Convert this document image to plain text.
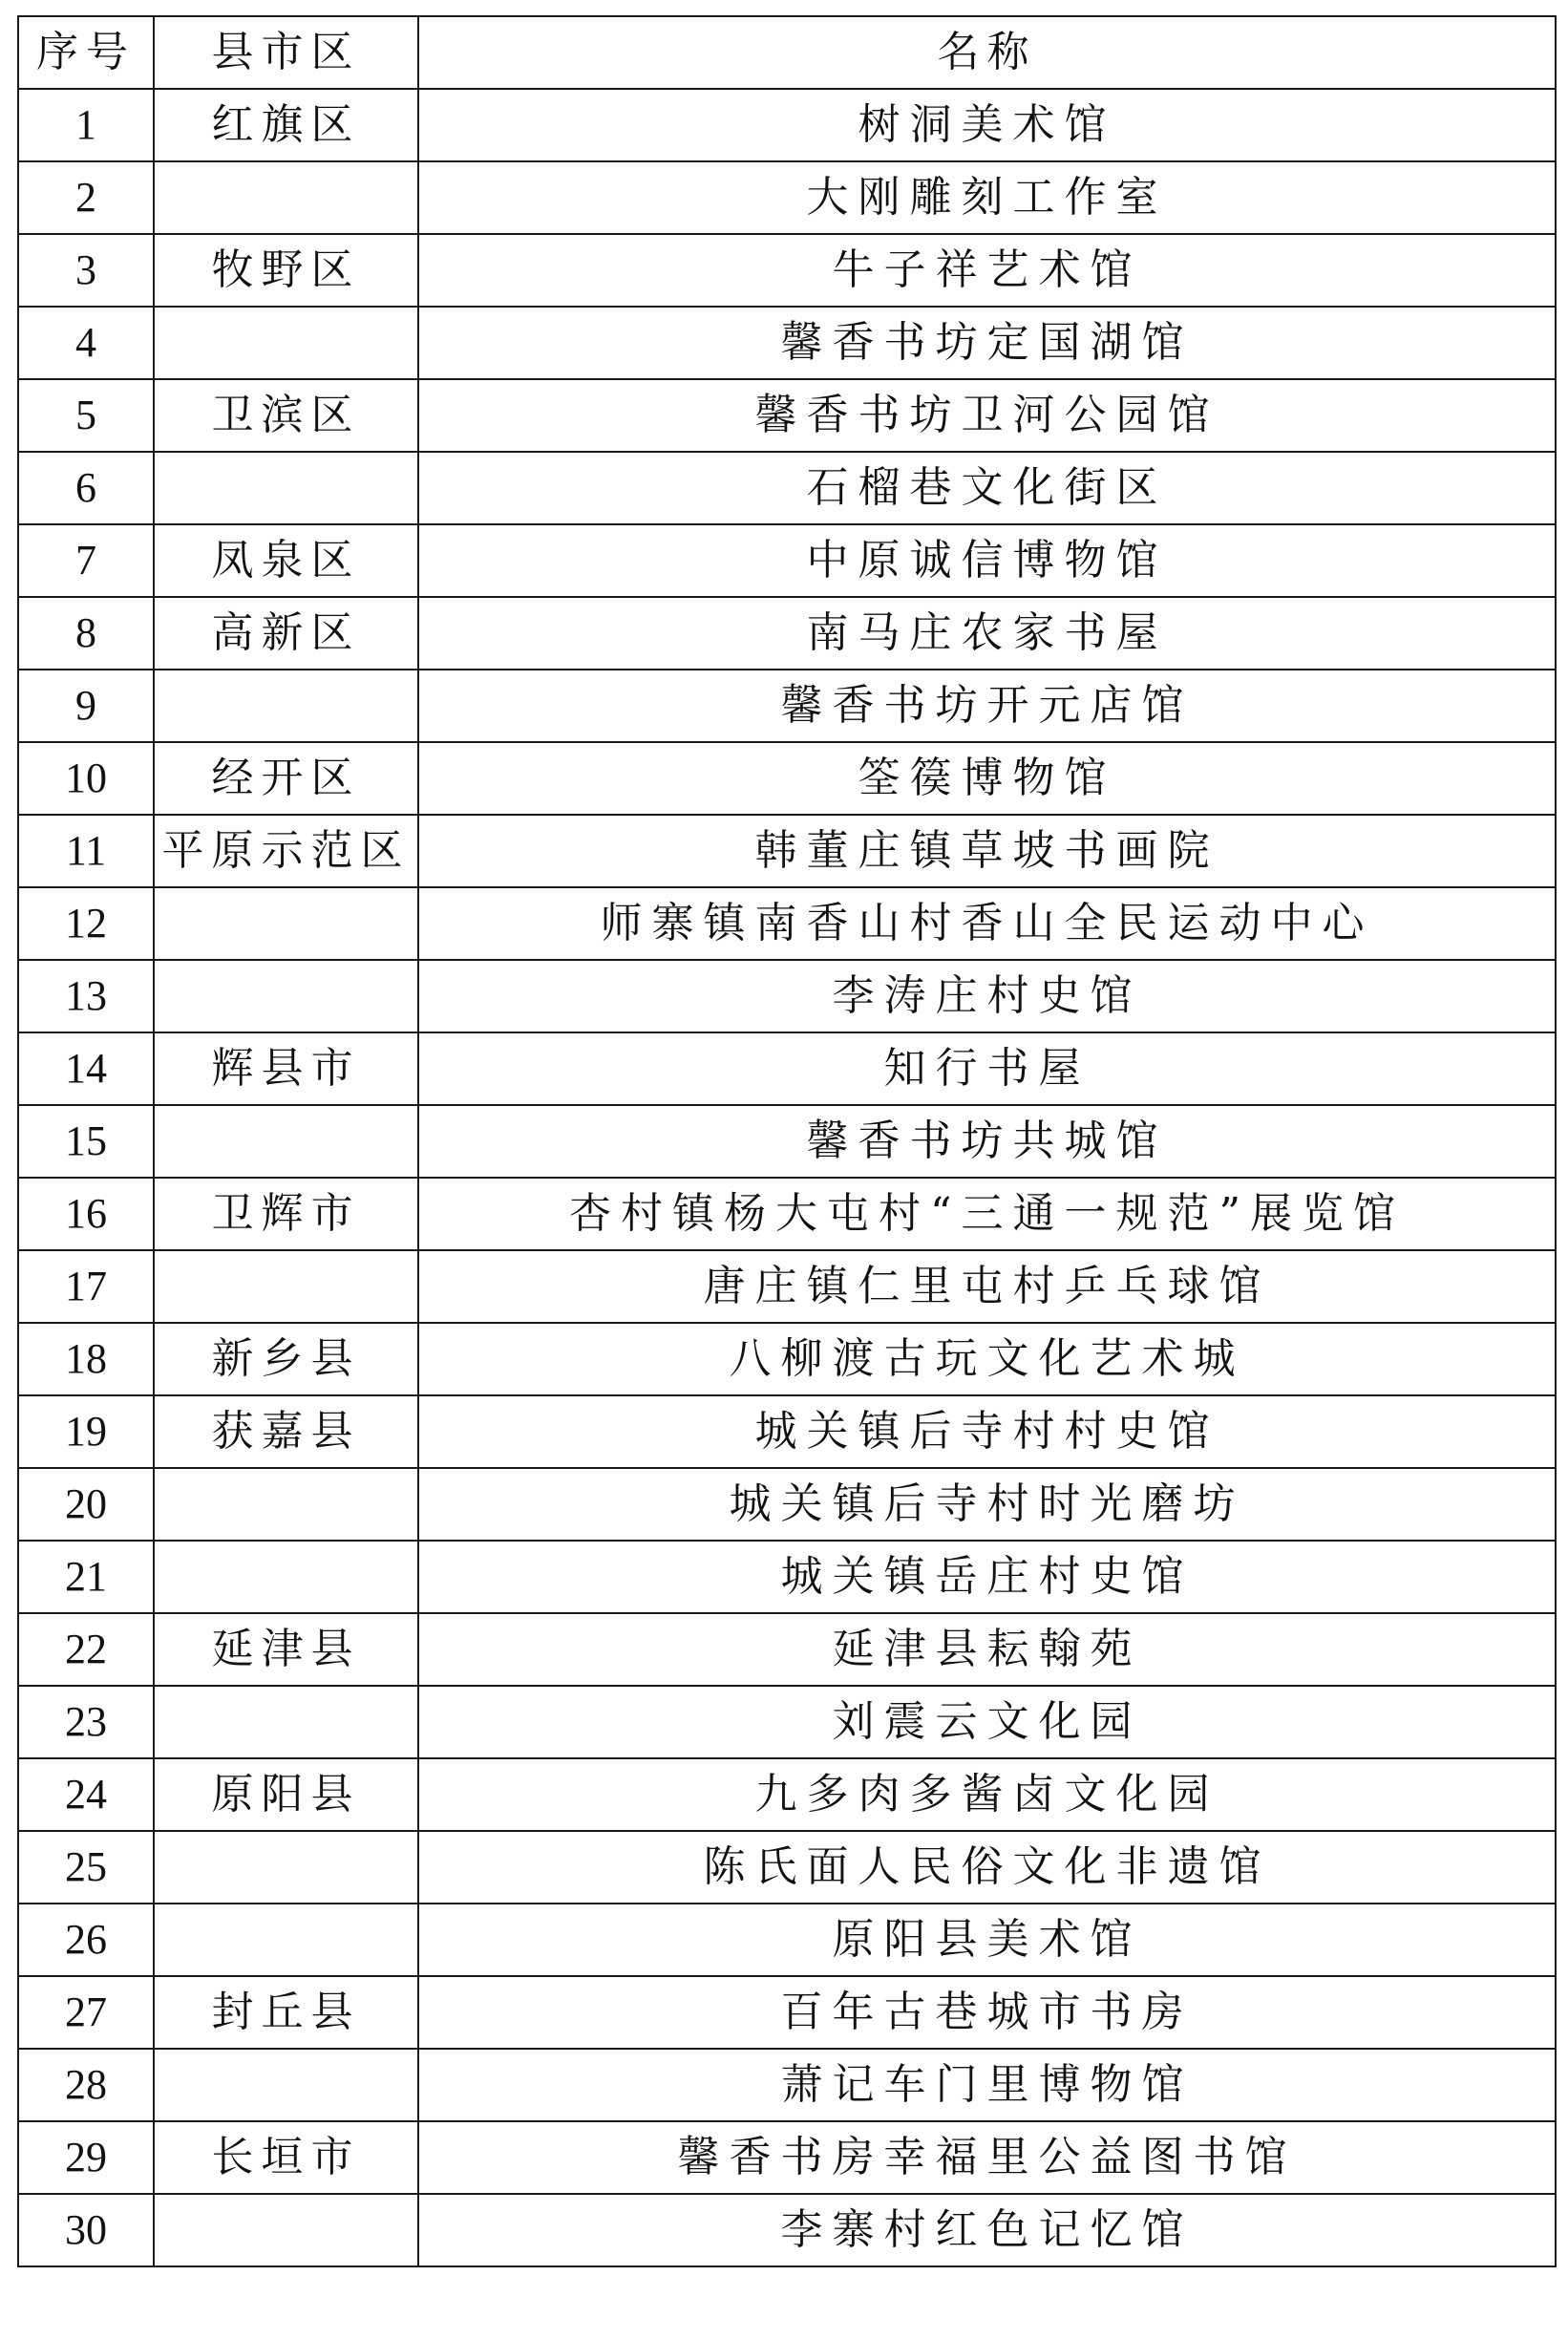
序号	县市区	名称
1	红旗区	树洞美术馆
2		大刚雕刻工作室
3	牧野区	牛子祥艺术馆
4		馨香书坊定国湖馆
5	卫滨区	馨香书坊卫河公园馆
6		石榴巷文化街区
7	凤泉区	中原诚信博物馆
8	高新区	南马庄农家书屋
9		馨香书坊开元店馆
10	经开区	筌篌博物馆
11	平原示范区	韩董庄镇草坡书画院
12		师寨镇南香山村香山全民运动中心
13		李涛庄村史馆
14	辉县市	知行书屋
15		馨香书坊共城馆
16	卫辉市	杏村镇杨大屯村“三通一规范”展览馆
17		唐庄镇仁里屯村乒乓球馆
18	新乡县	八柳渡古玩文化艺术城
19	获嘉县	城关镇后寺村村史馆
20		城关镇后寺村时光磨坊
21		城关镇岳庄村史馆
22	延津县	延津县耘翰苑
23		刘震云文化园
24	原阳县	九多肉多酱卤文化园
25		陈氏面人民俗文化非遗馆
26		原阳县美术馆
27	封丘县	百年古巷城市书房
28		萧记车门里博物馆
29	长垣市	馨香书房幸福里公益图书馆
30		李寨村红色记忆馆
